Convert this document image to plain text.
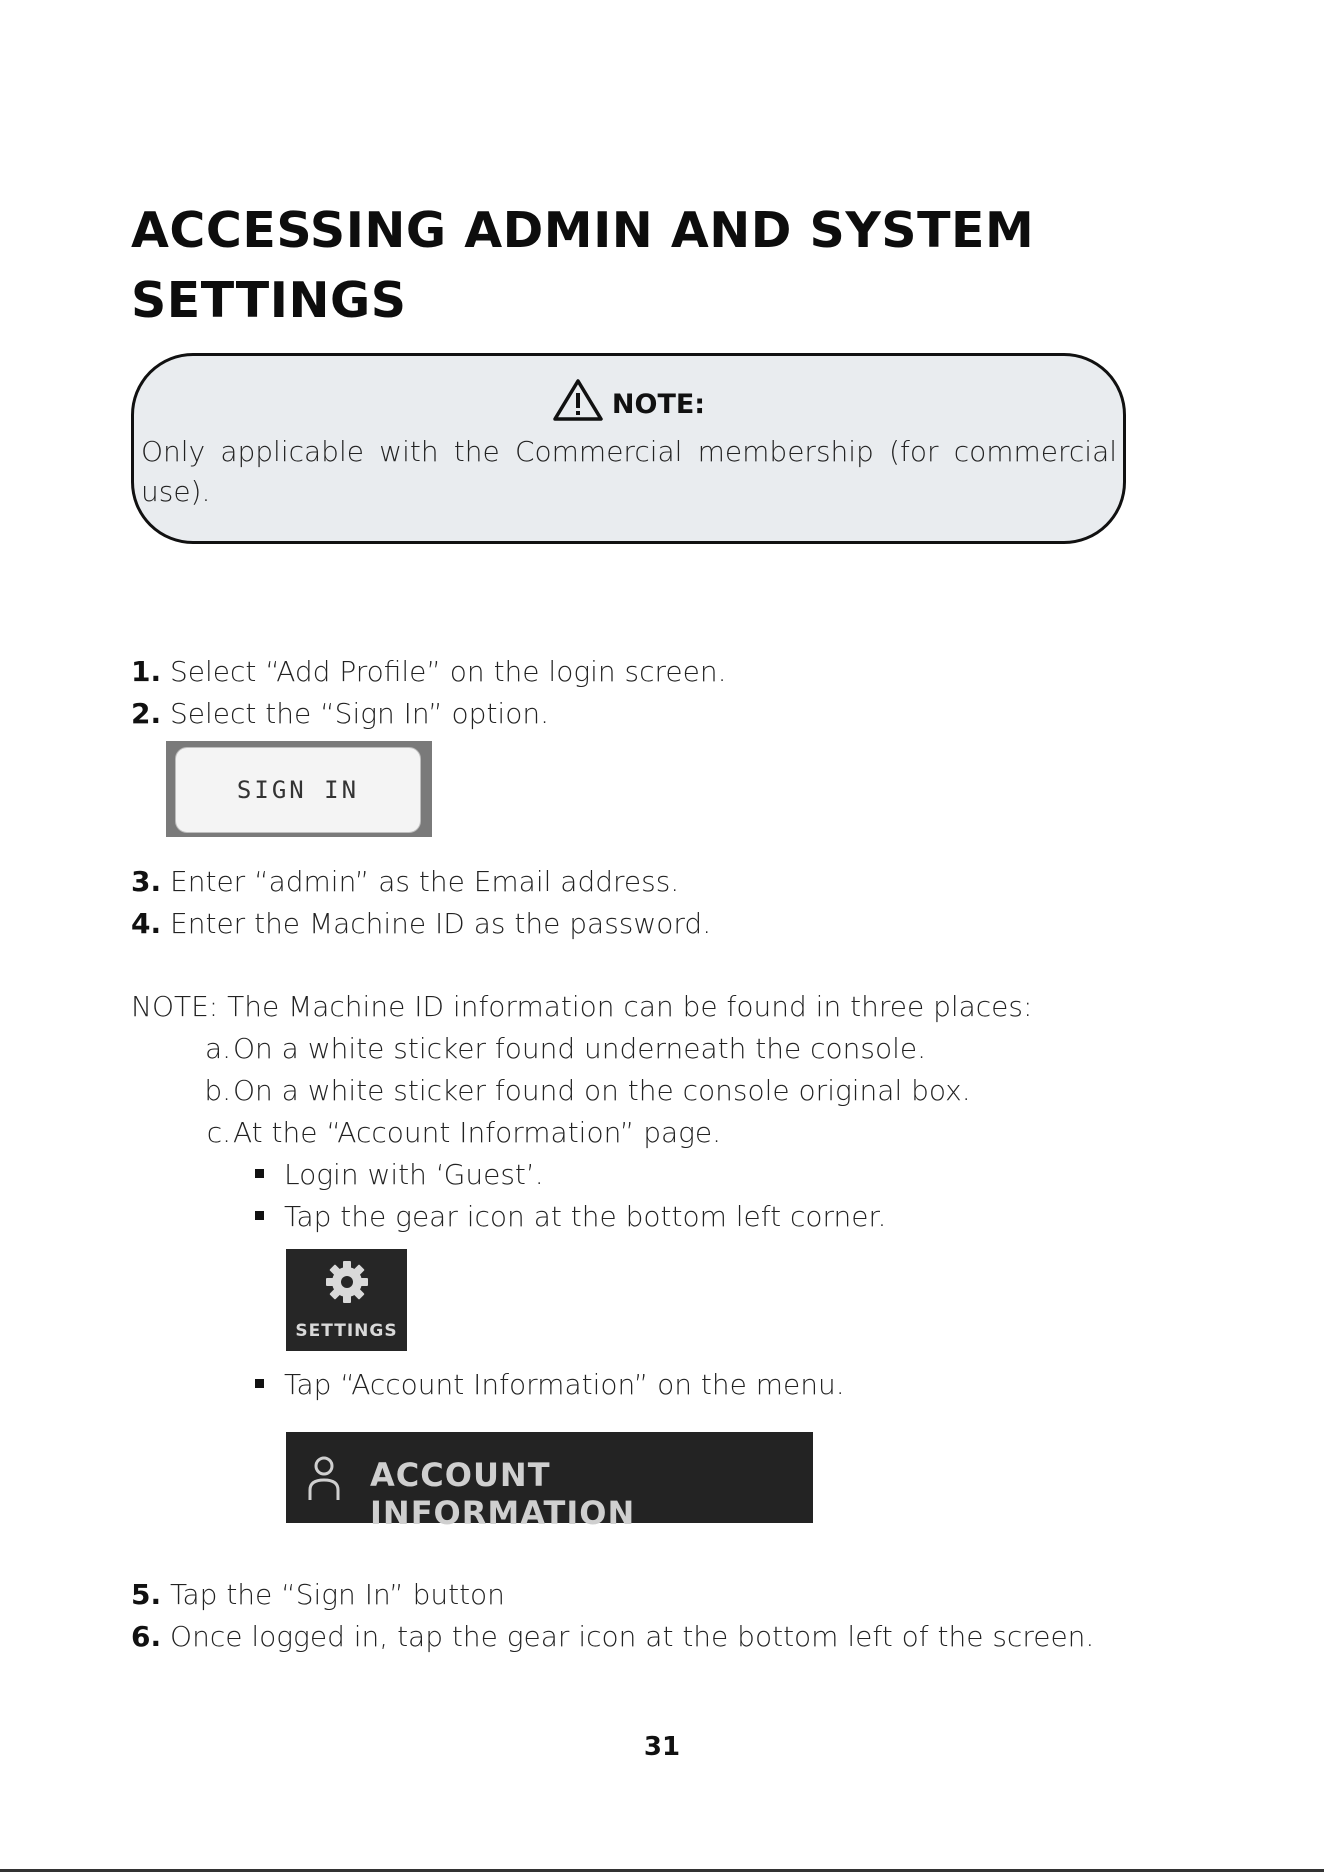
ACCESSING ADMIN AND SYSTEM
SETTINGS
NOTE:
Only applicable with the Commercial membership (for commercial use).
1. Select “Add Profile” on the login screen.
2. Select the “Sign In” option.
SIGN IN
3. Enter “admin” as the Email address.
4. Enter the Machine ID as the password.
NOTE: The Machine ID information can be found in three places:
a.On a white sticker found underneath the console.
b.On a white sticker found on the console original box.
c.At the “Account Information” page.
Login with ‘Guest’.
Tap the gear icon at the bottom left corner.
SETTINGS
Tap “Account Information” on the menu.
ACCOUNT INFORMATION
5. Tap the “Sign In” button
6. Once logged in, tap the gear icon at the bottom left of the screen.
31
